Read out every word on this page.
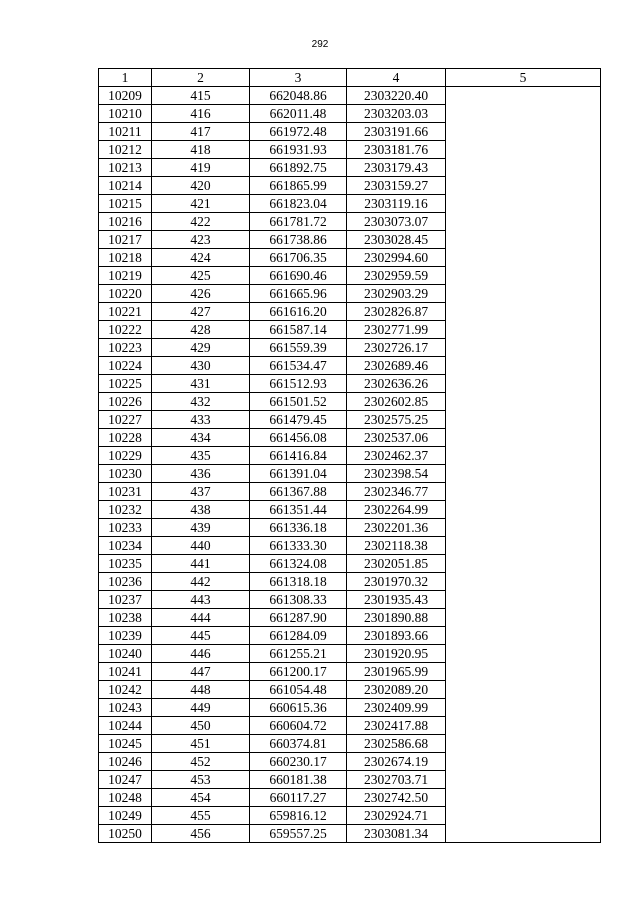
292
1	2	3	4	5
10209	415	662048.86	2303220.40	
10210	416	662011.48	2303203.03	
10211	417	661972.48	2303191.66	
10212	418	661931.93	2303181.76	
10213	419	661892.75	2303179.43	
10214	420	661865.99	2303159.27	
10215	421	661823.04	2303119.16	
10216	422	661781.72	2303073.07	
10217	423	661738.86	2303028.45	
10218	424	661706.35	2302994.60	
10219	425	661690.46	2302959.59	
10220	426	661665.96	2302903.29	
10221	427	661616.20	2302826.87	
10222	428	661587.14	2302771.99	
10223	429	661559.39	2302726.17	
10224	430	661534.47	2302689.46	
10225	431	661512.93	2302636.26	
10226	432	661501.52	2302602.85	
10227	433	661479.45	2302575.25	
10228	434	661456.08	2302537.06	
10229	435	661416.84	2302462.37	
10230	436	661391.04	2302398.54	
10231	437	661367.88	2302346.77	
10232	438	661351.44	2302264.99	
10233	439	661336.18	2302201.36	
10234	440	661333.30	2302118.38	
10235	441	661324.08	2302051.85	
10236	442	661318.18	2301970.32	
10237	443	661308.33	2301935.43	
10238	444	661287.90	2301890.88	
10239	445	661284.09	2301893.66	
10240	446	661255.21	2301920.95	
10241	447	661200.17	2301965.99	
10242	448	661054.48	2302089.20	
10243	449	660615.36	2302409.99	
10244	450	660604.72	2302417.88	
10245	451	660374.81	2302586.68	
10246	452	660230.17	2302674.19	
10247	453	660181.38	2302703.71	
10248	454	660117.27	2302742.50	
10249	455	659816.12	2302924.71	
10250	456	659557.25	2303081.34	
